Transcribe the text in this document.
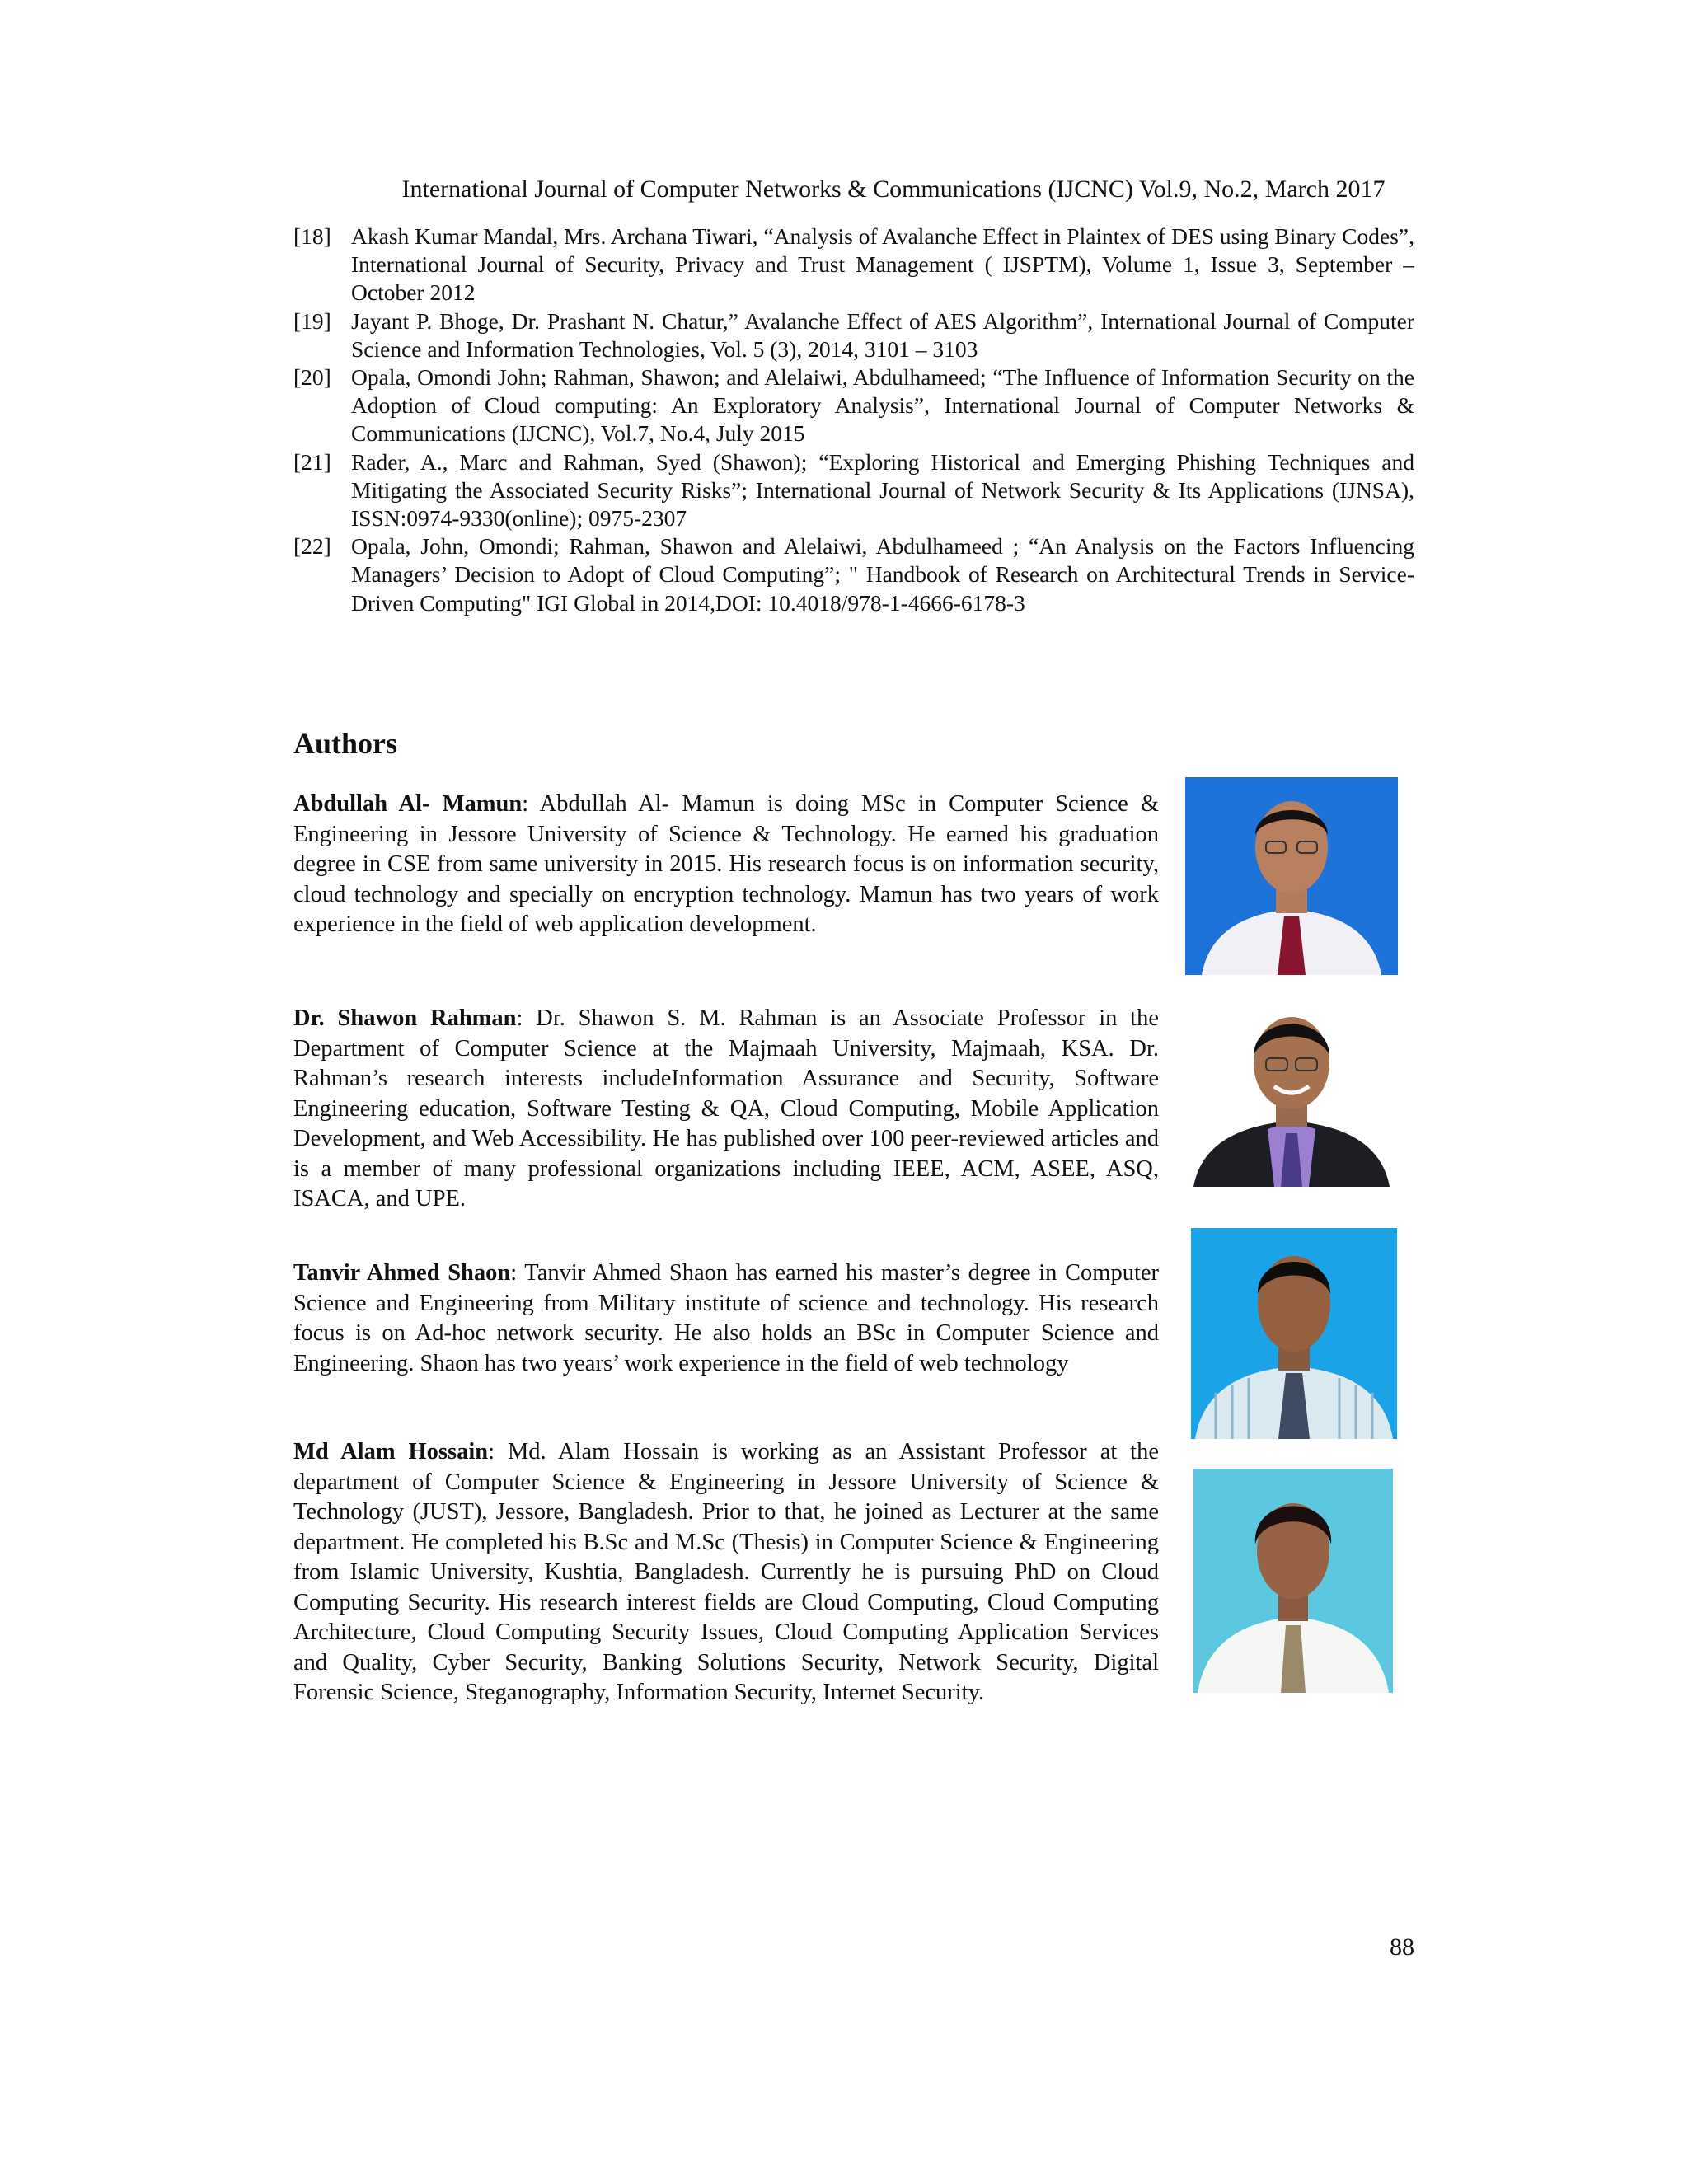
International Journal of Computer Networks & Communications (IJCNC) Vol.9, No.2, March 2017
[18] Akash Kumar Mandal, Mrs. Archana Tiwari, “Analysis of Avalanche Effect in Plaintex of DES using Binary Codes”, International Journal of Security, Privacy and Trust Management ( IJSPTM), Volume 1, Issue 3, September – October 2012
[19] Jayant P. Bhoge, Dr. Prashant N. Chatur,” Avalanche Effect of AES Algorithm”, International Journal of Computer Science and Information Technologies, Vol. 5 (3), 2014, 3101 – 3103
[20] Opala, Omondi John; Rahman, Shawon; and Alelaiwi, Abdulhameed; “The Influence of Information Security on the Adoption of Cloud computing: An Exploratory Analysis”, International Journal of Computer Networks & Communications (IJCNC), Vol.7, No.4, July 2015
[21] Rader, A., Marc and Rahman, Syed (Shawon); “Exploring Historical and Emerging Phishing Techniques and Mitigating the Associated Security Risks”; International Journal of Network Security & Its Applications (IJNSA), ISSN:0974-9330(online); 0975-2307
[22] Opala, John, Omondi; Rahman, Shawon and Alelaiwi, Abdulhameed ; “An Analysis on the Factors Influencing Managers’ Decision to Adopt of Cloud Computing”; " Handbook of Research on Architectural Trends in Service-Driven Computing" IGI Global in 2014,DOI: 10.4018/978-1-4666-6178-3
Authors
Abdullah Al- Mamun: Abdullah Al- Mamun is doing MSc in Computer Science & Engineering in Jessore University of Science & Technology. He earned his graduation degree in CSE from same university in 2015. His research focus is on information security, cloud technology and specially on encryption technology. Mamun has two years of work experience in the field of web application development.
Dr. Shawon Rahman: Dr. Shawon S. M. Rahman is an Associate Professor in the Department of Computer Science at the Majmaah University, Majmaah, KSA. Dr. Rahman’s research interests includeInformation Assurance and Security, Software Engineering education, Software Testing & QA, Cloud Computing, Mobile Application Development, and Web Accessibility. He has published over 100 peer-reviewed articles and is a member of many professional organizations including IEEE, ACM, ASEE, ASQ, ISACA, and UPE.
Tanvir Ahmed Shaon: Tanvir Ahmed Shaon has earned his master’s degree in Computer Science and Engineering from Military institute of science and technology. His research focus is on Ad-hoc network security. He also holds an BSc in Computer Science and Engineering. Shaon has two years’ work experience in the field of web technology
Md Alam Hossain: Md. Alam Hossain is working as an Assistant Professor at the department of Computer Science & Engineering in Jessore University of Science & Technology (JUST), Jessore, Bangladesh. Prior to that, he joined as Lecturer at the same department. He completed his B.Sc and M.Sc (Thesis) in Computer Science & Engineering from Islamic University, Kushtia, Bangladesh. Currently he is pursuing PhD on Cloud Computing Security. His research interest fields are Cloud Computing, Cloud Computing Architecture, Cloud Computing Security Issues, Cloud Computing Application Services and Quality, Cyber Security, Banking Solutions Security, Network Security, Digital Forensic Science, Steganography, Information Security, Internet Security.
88
